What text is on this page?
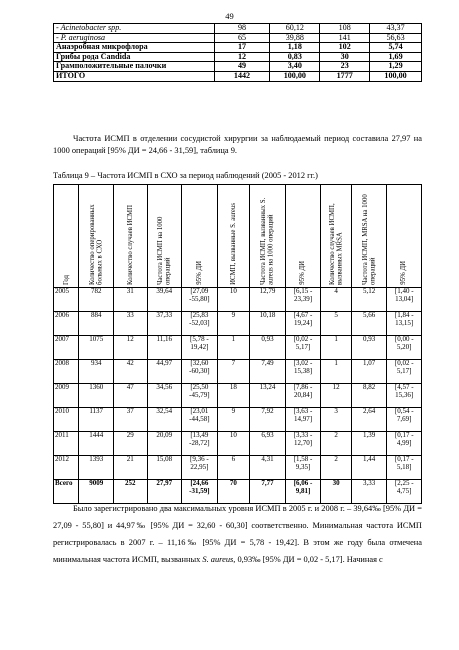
49
- Acinetobacter spp.	98	60,12	108	43,37
- P. aeruginosa	65	39,88	141	56,63
Анаэробная микрофлора	17	1,18	102	5,74
Грибы рода Candida	12	0,83	30	1,69
Грамположительные палочки	49	3,40	23	1,29
ИТОГО	1442	100,00	1777	100,00

Частота ИСМП в отделении сосудистой хирургии за наблюдаемый период составила 27,97 на 1000 операций [95% ДИ = 24,66 - 31,59], таблица 9.

Таблица 9 – Частота ИСМП в СХО за период наблюдений (2005 - 2012 гг.)

Год	Количество оперированных больных в СХО	Количество случаев ИСМП	Частота ИСМП на 1000 операций	95% ДИ	ИСМП, вызванные S. aureus	Частота ИСМП, вызванных S. aureus на 1000 операций	95% ДИ	Количество случаев ИСМП, вызванных MRSA	Частота ИСМП, MRSA на 1000 операций	95% ДИ

2005	782	31	39,64	[27,09 -55,80]	10	12,79	[6,15 - 23,39]	4	5,12	[1,40 - 13,04]
2006	884	33	37,33	[25,83 -52,03]	9	10,18	[4,67 - 19,24]	5	5,66	[1,84 - 13,15]
2007	1075	12	11,16	[5,78 - 19,42]	1	0,93	[0,02 - 5,17]	1	0,93	[0,00 - 5,20]
2008	934	42	44,97	[32,60 -60,30]	7	7,49	[3,02 - 15,38]	1	1,07	[0,02 - 5,17]
2009	1360	47	34,56	[25,50 -45,79]	18	13,24	[7,86 - 20,84]	12	8,82	[4,57 - 15,36]
2010	1137	37	32,54	[23,01 -44,58]	9	7,92	[3,63 - 14,97]	3	2,64	[0,54 - 7,69]
2011	1444	29	20,09	[13,49 -28,72]	10	6,93	[3,33 - 12,70]	2	1,39	[0,17 - 4,99]
2012	1393	21	15,08	[9,36 - 22,95]	6	4,31	[1,58 - 9,35]	2	1,44	[0,17 - 5,18]
Всего	9009	252	27,97	[24,66 -31,59]	70	7,77	[6,06 - 9,81]	30	3,33	[2,25 - 4,75]

Было зарегистрировано два максимальных уровня ИСМП в 2005 г. и 2008 г. – 39,64‰ [95% ДИ = 27,09 - 55,80] и 44,97‰ [95% ДИ = 32,60 - 60,30] соответственно. Минимальная частота ИСМП регистрировалась в 2007 г. – 11,16‰ [95% ДИ = 5,78 - 19,42]. В этом же году была отмечена минимальная частота ИСМП, вызванных S. aureus, 0,93‰ [95% ДИ = 0,02 - 5,17]. Начиная с
